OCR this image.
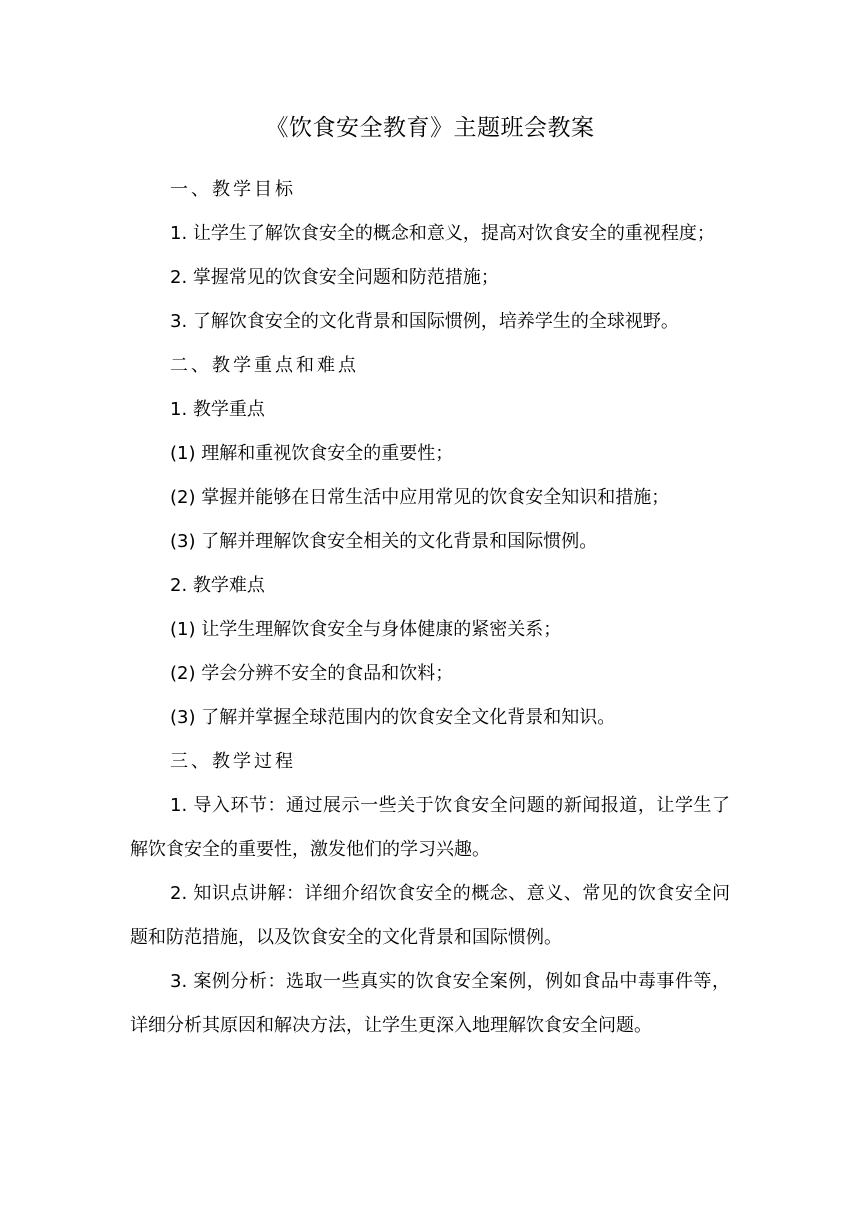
《饮食安全教育》主题班会教案

一、教学目标

1. 让学生了解饮食安全的概念和意义，提高对饮食安全的重视程度；

2. 掌握常见的饮食安全问题和防范措施；

3. 了解饮食安全的文化背景和国际惯例，培养学生的全球视野。

二、教学重点和难点

1. 教学重点

(1) 理解和重视饮食安全的重要性；

(2) 掌握并能够在日常生活中应用常见的饮食安全知识和措施；

(3) 了解并理解饮食安全相关的文化背景和国际惯例。

2. 教学难点

(1) 让学生理解饮食安全与身体健康的紧密关系；

(2) 学会分辨不安全的食品和饮料；

(3) 了解并掌握全球范围内的饮食安全文化背景和知识。

三、教学过程

1. 导入环节：通过展示一些关于饮食安全问题的新闻报道，让学生了解饮食安全的重要性，激发他们的学习兴趣。

2. 知识点讲解：详细介绍饮食安全的概念、意义、常见的饮食安全问题和防范措施，以及饮食安全的文化背景和国际惯例。

3. 案例分析：选取一些真实的饮食安全案例，例如食品中毒事件等，详细分析其原因和解决方法，让学生更深入地理解饮食安全问题。
